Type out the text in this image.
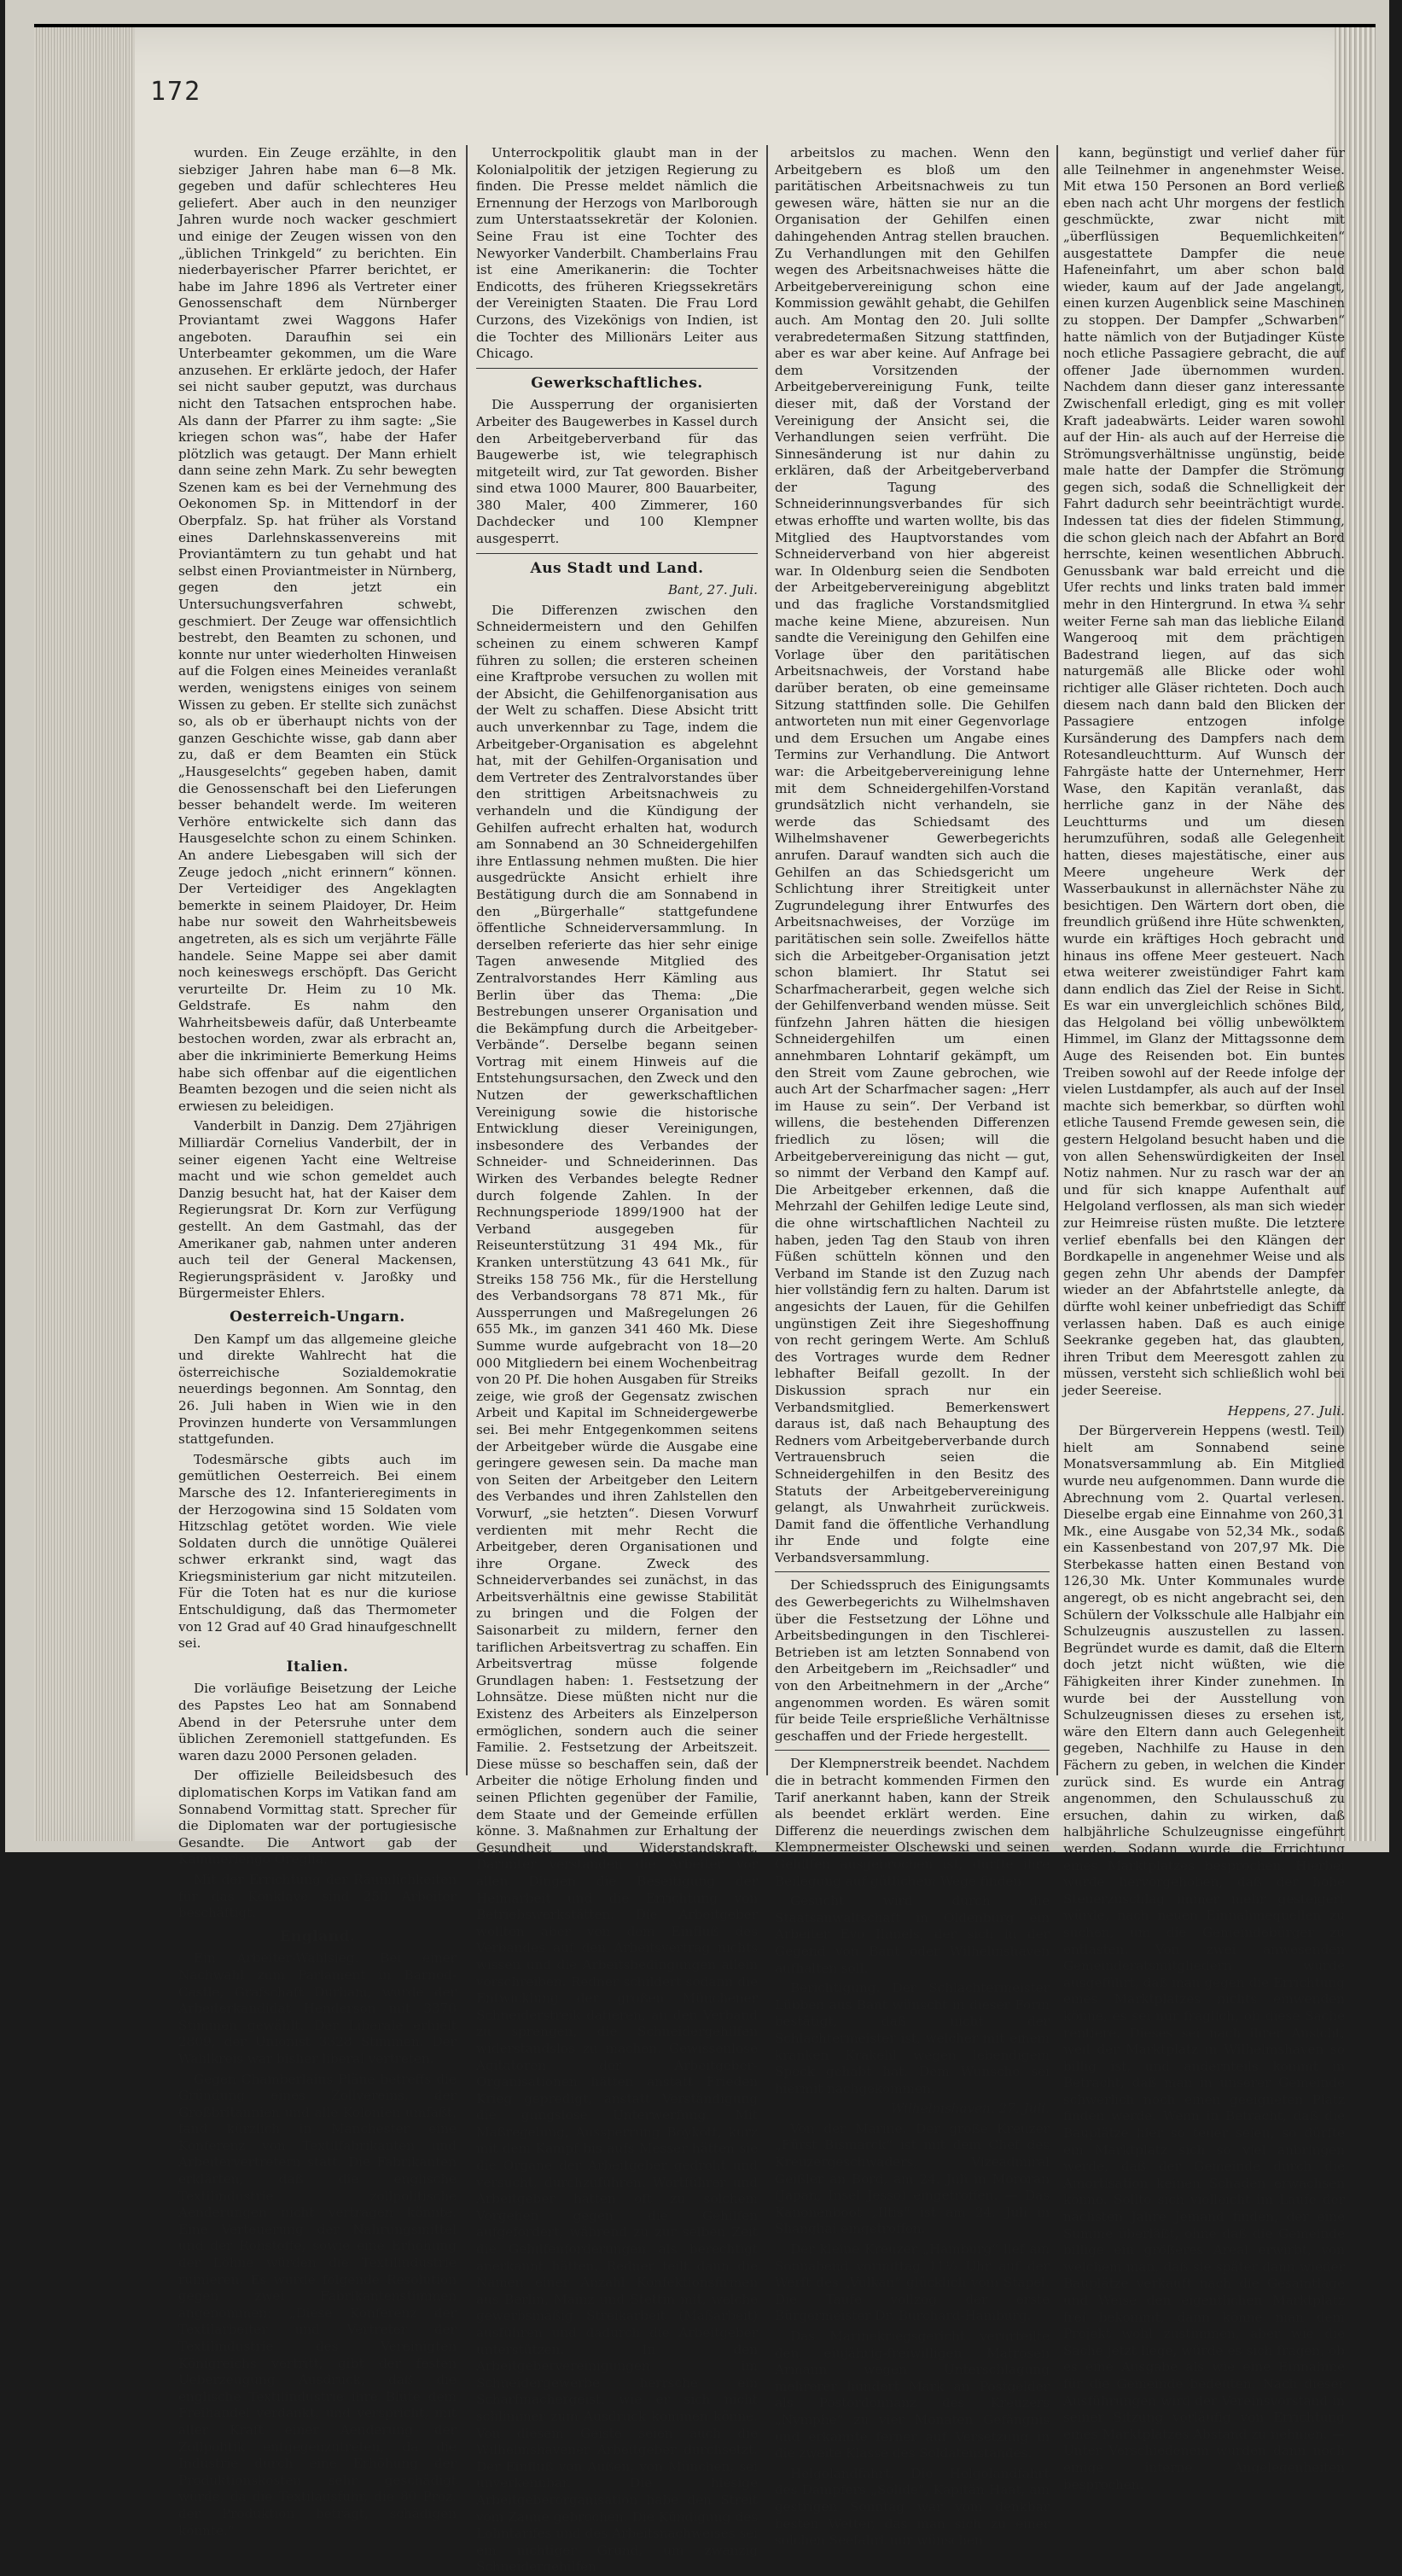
172

wurden. Ein Zeuge erzählte, in den siebziger Jahren habe man 6—8 Mk. gegeben und dafür schlechteres Heu geliefert. Aber auch in den neunziger Jahren wurde noch wacker geschmiert und einige der Zeugen wissen von den „üblichen Trinkgeld“ zu berichten. Ein niederbayerischer Pfarrer berichtet, er habe im Jahre 1896 als Vertreter einer Genossenschaft dem Nürnberger Proviantamt zwei Waggons Hafer angeboten. Daraufhin sei ein Unterbeamter gekommen, um die Ware anzusehen. Er erklärte jedoch, der Hafer sei nicht sauber geputzt, was durchaus nicht den Tatsachen entsprochen habe. Als dann der Pfarrer zu ihm sagte: „Sie kriegen schon was“, habe der Hafer plötzlich was getaugt. Der Mann erhielt dann seine zehn Mark. Zu sehr bewegten Szenen kam es bei der Vernehmung des Oekonomen Sp. in Mittendorf in der Oberpfalz. Sp. hat früher als Vorstand eines Darlehnskassenvereins mit Proviantämtern zu tun gehabt und hat selbst einen Proviantmeister in Nürnberg, gegen den jetzt ein Untersuchungsverfahren schwebt, geschmiert. Der Zeuge war offensichtlich bestrebt, den Beamten zu schonen, und konnte nur unter wiederholten Hinweisen auf die Folgen eines Meineides veranlaßt werden, wenigstens einiges von seinem Wissen zu geben. Er stellte sich zunächst so, als ob er überhaupt nichts von der ganzen Geschichte wisse, gab dann aber zu, daß er dem Beamten ein Stück „Hausgeselchts“ gegeben haben, damit die Genossenschaft bei den Lieferungen besser behandelt werde. Im weiteren Verhöre entwickelte sich dann das Hausgeselchte schon zu einem Schinken. An andere Liebesgaben will sich der Zeuge jedoch „nicht erinnern“ können. Der Verteidiger des Angeklagten bemerkte in seinem Plaidoyer, Dr. Heim habe nur soweit den Wahrheitsbeweis angetreten, als es sich um verjährte Fälle handele. Seine Mappe sei aber damit noch keineswegs erschöpft. Das Gericht verurteilte Dr. Heim zu 10 Mk. Geldstrafe. Es nahm den Wahrheitsbeweis dafür, daß Unterbeamte bestochen worden, zwar als erbracht an, aber die inkriminierte Bemerkung Heims habe sich offenbar auf die eigentlichen Beamten bezogen und die seien nicht als erwiesen zu beleidigen.

Vanderbilt in Danzig. Dem 27jährigen Milliardär Cornelius Vanderbilt, der in seiner eigenen Yacht eine Weltreise macht und wie schon gemeldet auch Danzig besucht hat, hat der Kaiser dem Regierungsrat Dr. Korn zur Verfügung gestellt. An dem Gastmahl, das der Amerikaner gab, nahmen unter anderen auch teil der General Mackensen, Regierungspräsident v. Jaroßky und Bürgermeister Ehlers.

Oesterreich-Ungarn.

Den Kampf um das allgemeine gleiche und direkte Wahlrecht hat die österreichische Sozialdemokratie neuerdings begonnen. Am Sonntag, den 26. Juli haben in Wien wie in den Provinzen hunderte von Versammlungen stattgefunden.

Todesmärsche gibts auch im gemütlichen Oesterreich. Bei einem Marsche des 12. Infanterieregiments in der Herzogowina sind 15 Soldaten vom Hitzschlag getötet worden. Wie viele Soldaten durch die unnötige Quälerei schwer erkrankt sind, wagt das Kriegsministerium gar nicht mitzuteilen. Für die Toten hat es nur die kuriose Entschuldigung, daß das Thermometer von 12 Grad auf 40 Grad hinaufgeschnellt sei.

Italien.

Die vorläufige Beisetzung der Leiche des Papstes Leo hat am Sonnabend Abend in der Petersruhe unter dem üblichen Zeremoniell stattgefunden. Es waren dazu 2000 Personen geladen.

Der offizielle Beileidsbesuch des diplomatischen Korps im Vatikan fand am Sonnabend Vormittag statt. Sprecher für die Diplomaten war der portugiesische Gesandte. Die Antwort gab der Kammerlengo Oreglia.

Mit der Errichtung der Räumlichkeiten für das Konklave sind 250 Arbeiter beschäftigt.

England.

Ein Arbeiter-Wahlsieg. Bei einer Nachwahl zum Parlament in Barnod-Castle, Grafschaft Durham, wurde der Arbeiterkandidat Henderson mit 3370 Stimmen gewählt. Der Liberale erhielt 2809, der Unionist 3328 Stimmen. Der Wahlkreis war bisher liberal vertreten.

Gegen Chamberlains Pläne betreffs die Gründung eines Zollvereins, der Großbritannien und alle Kolonien umfaßt, fand kürzlich in Manchester eine Konferenz von Textilfabrikanten und Arbeitervertretern statt. Die Fabrikanten erklärten, daß die englische Textilindustrie zollpolitische Aenderungen nicht vertragen könnte. Eine Verteuerung der Nahrungsmittel und der Rohstoffe, sowie eine Erhöhung der Löhne würden die Textilindustrie ruinieren. Es wurde folgende Resolution gegen zwei Fabrikantenstimmen angenommen: „Diese Konferenz der Textilarbeiter und Vertreter der Textilindustrie des Vereinigten Königreichs vertritt, gibt der festen Ueberzeugung Ausdruck, daß die englische Textilindustrie ihre Blüte dem Freihandel verdankt, und verspricht, mit aller Kraft einer Aenderung der Zollpolitik entgegenzutreten, da die Industrie durch eine Erhöhung der Produktionskosten sehr geschädigt würde, da die Textilausfuhr, die 80 Proz. der Produktion beträgt, schädigen könnte.“

Unterrockpolitik glaubt man in der Kolonialpolitik der jetzigen Regierung zu finden. Die Presse meldet nämlich die Ernennung der Herzogs von Marlborough zum Unterstaatssekretär der Kolonien. Seine Frau ist eine Tochter des Newyorker Vanderbilt. Chamberlains Frau ist eine Amerikanerin: die Tochter Endicotts, des früheren Kriegssekretärs der Vereinigten Staaten. Die Frau Lord Curzons, des Vizekönigs von Indien, ist die Tochter des Millionärs Leiter aus Chicago.

Gewerkschaftliches.

Die Aussperrung der organisierten Arbeiter des Baugewerbes in Kassel durch den Arbeitgeberverband für das Baugewerbe ist, wie telegraphisch mitgeteilt wird, zur Tat geworden. Bisher sind etwa 1000 Maurer, 800 Bauarbeiter, 380 Maler, 400 Zimmerer, 160 Dachdecker und 100 Klempner ausgesperrt.

Aus Stadt und Land.
Bant, 27. Juli.

Die Differenzen zwischen den Schneidermeistern und den Gehilfen scheinen zu einem schweren Kampf führen zu sollen; die ersteren scheinen eine Kraftprobe versuchen zu wollen mit der Absicht, die Gehilfenorganisation aus der Welt zu schaffen. Diese Absicht tritt auch unverkennbar zu Tage, indem die Arbeitgeber-Organisation es abgelehnt hat, mit der Gehilfen-Organisation und dem Vertreter des Zentralvorstandes über den strittigen Arbeitsnachweis zu verhandeln und die Kündigung der Gehilfen aufrecht erhalten hat, wodurch am Sonnabend an 30 Schneidergehilfen ihre Entlassung nehmen mußten. Die hier ausgedrückte Ansicht erhielt ihre Bestätigung durch die am Sonnabend in den „Bürgerhalle“ stattgefundene öffentliche Schneiderversammlung. In derselben referierte das hier sehr einige Tagen anwesende Mitglied des Zentralvorstandes Herr Kämling aus Berlin über das Thema: „Die Bestrebungen unserer Organisation und die Bekämpfung durch die Arbeitgeber-Verbände“. Derselbe begann seinen Vortrag mit einem Hinweis auf die Entstehungsursachen, den Zweck und den Nutzen der gewerkschaftlichen Vereinigung sowie die historische Entwicklung dieser Vereinigungen, insbesondere des Verbandes der Schneider- und Schneiderinnen. Das Wirken des Verbandes belegte Redner durch folgende Zahlen. In der Rechnungsperiode 1899/1900 hat der Verband ausgegeben für Reiseunterstützung 31 494 Mk., für Kranken unterstützung 43 641 Mk., für Streiks 158 756 Mk., für die Herstellung des Verbandsorgans 78 871 Mk., für Aussperrungen und Maßregelungen 26 655 Mk., im ganzen 341 460 Mk. Diese Summe wurde aufgebracht von 18—20 000 Mitgliedern bei einem Wochenbeitrag von 20 Pf. Die hohen Ausgaben für Streiks zeige, wie groß der Gegensatz zwischen Arbeit und Kapital im Schneidergewerbe sei. Bei mehr Entgegenkommen seitens der Arbeitgeber würde die Ausgabe eine geringere gewesen sein. Da mache man von Seiten der Arbeitgeber den Leitern des Verbandes und ihren Zahlstellen den Vorwurf, „sie hetzten“. Diesen Vorwurf verdienten mit mehr Recht die Arbeitgeber, deren Organisationen und ihre Organe. Zweck des Schneiderverbandes sei zunächst, in das Arbeitsverhältnis eine gewisse Stabilität zu bringen und die Folgen der Saisonarbeit zu mildern, ferner den tariflichen Arbeitsvertrag zu schaffen. Ein Arbeitsvertrag müsse folgende Grundlagen haben: 1. Festsetzung der Lohnsätze. Diese müßten nicht nur die Existenz des Arbeiters als Einzelperson ermöglichen, sondern auch die seiner Familie. 2. Festsetzung der Arbeitszeit. Diese müsse so beschaffen sein, daß der Arbeiter die nötige Erholung finden und seinen Pflichten gegenüber der Familie, dem Staate und der Gemeinde erfüllen könne. 3. Maßnahmen zur Erhaltung der Gesundheit und Widerstandskraft. Darunter verstanden die Arbeiter vor allen Dingen die Beseitigung der Heimarbeit und die Errichtung von Betriebswerkstätten. Die Arbeitgeber wollten aber von dem Einfluß des Verbandes auf den Arbeitsvertrag nichts wissen und die Arbeitsbedingungen allein vorschreiben. Redner schildert sodann die Entwicklung der großen Münchener Schneiderstreik datieren, an den Verband zu sprengen, die Schneidergehilfen widerstandslos zu machen. Gewissenlose Agitatoren der Arbeitgeber-Organisationen hätten anstatt Frieden Krieg gepredigt, anstatt Verständigung die gungslose Unterwerfung. Mit Maßregelung, Aussperrung Boykott, kurz mit dem Kampf bis aufs Messer hätten sie die Organe der Arbeitgeber gedroht und versucht, durchzuführen. Wortführer und Arbeitgeber hätten oft zu solchem Vorgehen gegen die Gehilfen aufgefordert, während zu zur selben Zeit die Gehilfenforderungen als berechtigt anerkannt hätten. Redner teilt dann die Namen einer Anzahl Konfektionsfirmen aus Berlin, Mainz und Stettin mit, welche gewerbsmäßig Streikarbeit (Maßarbeit) ausführen und dadurch die Arbeitgeber unterstützen. In den Arbeitgebervereinigungen im Schneidergewerbe herrsche ein Scharfmachergeist, wie er sich nicht schlimmer zum Ausdruck kommen könne. Von diesem Geiste seien auch die Wilhelmshavener Arbeitgeber durchsetzt. Der Einfluß von Außen, von München, sei unverkennbar. Die hiesige Arbeitgeberorganisation habe den Streit vom Zaune gebrochen. Die Kündigung des Lohntarifes und des Arbeitsnachweises sei ein nichtiger Grund, um zwanzig Schneidergehilfen

arbeitslos zu machen. Wenn den Arbeitgebern es bloß um den paritätischen Arbeitsnachweis zu tun gewesen wäre, hätten sie nur an die Organisation der Gehilfen einen dahingehenden Antrag stellen brauchen. Zu Verhandlungen mit den Gehilfen wegen des Arbeitsnachweises hätte die Arbeitgebervereinigung schon eine Kommission gewählt gehabt, die Gehilfen auch. Am Montag den 20. Juli sollte verabredetermaßen Sitzung stattfinden, aber es war aber keine. Auf Anfrage bei dem Vorsitzenden der Arbeitgebervereinigung Funk, teilte dieser mit, daß der Vorstand der Vereinigung der Ansicht sei, die Verhandlungen seien verfrüht. Die Sinnesänderung ist nur dahin zu erklären, daß der Arbeitgeberverband der Tagung des Schneiderinnungsverbandes für sich etwas erhoffte und warten wollte, bis das Mitglied des Hauptvorstandes vom Schneiderverband von hier abgereist war. In Oldenburg seien die Sendboten der Arbeitgebervereinigung abgeblitzt und das fragliche Vorstandsmitglied mache keine Miene, abzureisen. Nun sandte die Vereinigung den Gehilfen eine Vorlage über den paritätischen Arbeitsnachweis, der Vorstand habe darüber beraten, ob eine gemeinsame Sitzung stattfinden solle. Die Gehilfen antworteten nun mit einer Gegenvorlage und dem Ersuchen um Angabe eines Termins zur Verhandlung. Die Antwort war: die Arbeitgebervereinigung lehne mit dem Schneidergehilfen-Vorstand grundsätzlich nicht verhandeln, sie werde das Schiedsamt des Wilhelmshavener Gewerbegerichts anrufen. Darauf wandten sich auch die Gehilfen an das Schiedsgericht um Schlichtung ihrer Streitigkeit unter Zugrundelegung ihrer Entwurfes des Arbeitsnachweises, der Vorzüge im paritätischen sein solle. Zweifellos hätte sich die Arbeitgeber-Organisation jetzt schon blamiert. Ihr Statut sei Scharfmacherarbeit, gegen welche sich der Gehilfenverband wenden müsse. Seit fünfzehn Jahren hätten die hiesigen Schneidergehilfen um einen annehmbaren Lohntarif gekämpft, um den Streit vom Zaune gebrochen, wie auch Art der Scharfmacher sagen: „Herr im Hause zu sein“. Der Verband ist willens, die bestehenden Differenzen friedlich zu lösen; will die Arbeitgebervereinigung das nicht — gut, so nimmt der Verband den Kampf auf. Die Arbeitgeber erkennen, daß die Mehrzahl der Gehilfen ledige Leute sind, die ohne wirtschaftlichen Nachteil zu haben, jeden Tag den Staub von ihren Füßen schütteln können und den Verband im Stande ist den Zuzug nach hier vollständig fern zu halten. Darum ist angesichts der Lauen, für die Gehilfen ungünstigen Zeit ihre Siegeshoffnung von recht geringem Werte. Am Schluß des Vortrages wurde dem Redner lebhafter Beifall gezollt. In der Diskussion sprach nur ein Verbandsmitglied. Bemerkenswert daraus ist, daß nach Behauptung des Redners vom Arbeitgeberverbande durch Vertrauensbruch seien die Schneidergehilfen in den Besitz des Statuts der Arbeitgebervereinigung gelangt, als Unwahrheit zurückweis. Damit fand die öffentliche Verhandlung ihr Ende und folgte eine Verbandsversammlung.

Der Schiedsspruch des Einigungsamts des Gewerbegerichts zu Wilhelmshaven über die Festsetzung der Löhne und Arbeitsbedingungen in den Tischlerei-Betrieben ist am letzten Sonnabend von den Arbeitgebern im „Reichsadler“ und von den Arbeitnehmern in der „Arche“ angenommen worden. Es wären somit für beide Teile ersprießliche Verhältnisse geschaffen und der Friede hergestellt.

Der Klempnerstreik beendet. Nachdem die in betracht kommenden Firmen den Tarif anerkannt haben, kann der Streik als beendet erklärt werden. Eine Differenz die neuerdings zwischen dem Klempnermeister Olschewski und seinen Gehilfen ausgebrochen ist, dürfte ihre Beilegung auf gütlichem Wege finden.

Gesucht wird durch die Staatsanwaltschaft in Oldenburg ein Arbeiter Evo Ihmels, der sich in der Gegend von Bant oder Wilhelmshaven aufhalten soll.

Berichtigung. Der Schlachtermeister Lübben aus Bant wünscht in dieser Form bestätigt, daß nicht der Schlachtermeister ist, welcher mit einem kranken Krakehl wegen lebendigem Speck gehabt hat. Dem Wunsche sei hiermit nachgekommen.

Wilhelmshaven, 27. Juli.

Von der Marine. Der große Kreuzer „Fürst Bismarck“ ist mit dem Chef des Kreuzergeschwaders, Vizeadmiral Geißler an Bord, am 24. Juli in Mororan (Japan, Insel Jesso) eingetroffen. — Das Kanonenboot „Iltis“ ist am 24. Juli in Shanghai eingetroffen.

Der kleine Kreuzer „Hamburg“ lief am Sonnabend vormittag 11½ Uhr auf der Werft des „Vulkan“ glücklich vom Stapel. Die Taufe vollzog der erste Bürgermeister Dr. Burchard-Hamburg.

Das Marinekriegsgericht verurteilte den einjährig-freiwilligen Matrosen Armann wegen Unterschlagung mehrerer hundert Mark an Postgelder als Postordonnanz des Kreuzers „Nymphe“ zu vier Monaten Gefängnis und erkannte ferner auf Versetzung in die zweite Klasse des Soldatenstandes.

Helgolandfahrt. Die Helgolandfahrt des Dampfers „Solide“, Kapitän Haat, am gestrigen Sonntag war vom denkbar besten Wetter, das man sich zu einer solchen Seefahrt nur wünschen

kann, begünstigt und verlief daher für alle Teilnehmer in angenehmster Weise. Mit etwa 150 Personen an Bord verließ eben nach acht Uhr morgens der festlich geschmückte, zwar nicht mit „überflüssigen Bequemlichkeiten“ ausgestattete Dampfer die neue Hafeneinfahrt, um aber schon bald wieder, kaum auf der Jade angelangt, einen kurzen Augenblick seine Maschinen zu stoppen. Der Dampfer „Schwarben“ hatte nämlich von der Butjadinger Küste noch etliche Passagiere gebracht, die auf offener Jade übernommen wurden. Nachdem dann dieser ganz interessante Zwischenfall erledigt, ging es mit voller Kraft jadeabwärts. Leider waren sowohl auf der Hin- als auch auf der Herreise die Strömungsverhältnisse ungünstig, beide male hatte der Dampfer die Strömung gegen sich, sodaß die Schnelligkeit der Fahrt dadurch sehr beeinträchtigt wurde. Indessen tat dies der fidelen Stimmung, die schon gleich nach der Abfahrt an Bord herrschte, keinen wesentlichen Abbruch. Genussbank war bald erreicht und die Ufer rechts und links traten bald immer mehr in den Hintergrund. In etwa ¾ sehr weiter Ferne sah man das liebliche Eiland Wangerooq mit dem prächtigen Badestrand liegen, auf das sich naturgemäß alle Blicke oder wohl richtiger alle Gläser richteten. Doch auch diesem nach dann bald den Blicken der Passagiere entzogen infolge Kursänderung des Dampfers nach dem Rotesandleuchtturm. Auf Wunsch der Fahrgäste hatte der Unternehmer, Herr Wase, den Kapitän veranlaßt, das herrliche ganz in der Nähe des Leuchtturms und um diesen herumzuführen, sodaß alle Gelegenheit hatten, dieses majestätische, einer aus Meere ungeheure Werk der Wasserbaukunst in allernächster Nähe zu besichtigen. Den Wärtern dort oben, die freundlich grüßend ihre Hüte schwenkten, wurde ein kräftiges Hoch gebracht und hinaus ins offene Meer gesteuert. Nach etwa weiterer zweistündiger Fahrt kam dann endlich das Ziel der Reise in Sicht. Es war ein unvergleichlich schönes Bild, das Helgoland bei völlig unbewölktem Himmel, im Glanz der Mittagssonne dem Auge des Reisenden bot. Ein buntes Treiben sowohl auf der Reede infolge der vielen Lustdampfer, als auch auf der Insel machte sich bemerkbar, so dürften wohl etliche Tausend Fremde gewesen sein, die gestern Helgoland besucht haben und die von allen Sehenswürdigkeiten der Insel Notiz nahmen. Nur zu rasch war der an und für sich knappe Aufenthalt auf Helgoland verflossen, als man sich wieder zur Heimreise rüsten mußte. Die letztere verlief ebenfalls bei den Klängen der Bordkapelle in angenehmer Weise und als gegen zehn Uhr abends der Dampfer wieder an der Abfahrtstelle anlegte, da dürfte wohl keiner unbefriedigt das Schiff verlassen haben. Daß es auch einige Seekranke gegeben hat, das glaubten, ihren Tribut dem Meeresgott zahlen zu müssen, versteht sich schließlich wohl bei jeder Seereise.

Heppens, 27. Juli.

Der Bürgerverein Heppens (westl. Teil) hielt am Sonnabend seine Monatsversammlung ab. Ein Mitglied wurde neu aufgenommen. Dann wurde die Abrechnung vom 2. Quartal verlesen. Dieselbe ergab eine Einnahme von 260,31 Mk., eine Ausgabe von 52,34 Mk., sodaß ein Kassenbestand von 207,97 Mk. Die Sterbekasse hatten einen Bestand von 126,30 Mk. Unter Kommunales wurde angeregt, ob es nicht angebracht sei, den Schülern der Volksschule alle Halbjahr ein Schulzeugnis auszustellen zu lassen. Begründet wurde es damit, daß die Eltern doch jetzt nicht wüßten, wie die Fähigkeiten ihrer Kinder zunehmen. In wurde bei der Ausstellung von Schulzeugnissen dieses zu ersehen ist, wäre den Eltern dann auch Gelegenheit gegeben, Nachhilfe zu Hause in den Fächern zu geben, in welchen die Kinder zurück sind. Es wurde ein Antrag angenommen, den Schulausschuß zu ersuchen, dahin zu wirken, daß halbjährliche Schulzeugnisse eingeführt werden. Sodann wurde die Errichtung eines Marktplatzes besprochen. Hierbei wurde hervorgehoben, daß der hohe Steuerzuschlag immer mehr gesteigert würde, nach neuen Einnahmequellen zu suchen, um die Gemeindebürger zu entlasten. Von zwei anwesenden Gemeinderatsmitgliedern wurde ausgeführt, daß man gegen die Errichtung eines Marktplatzes nichts einwenden könne, es sei nur fraglich, ob diese Sache rentiere. Dieses sei nach ihrer Ansicht, weil der Marktplatz in Wilhelmshaven so billig ist, und andernteils kommt in Betracht, daß man in unserer Gemeinde schwerlich noch einen geeigneten Platz finden werde. Wenn in Betracht, daß die Bauplätze hier so teuer seien, so dürfte ein Marktplatz sich so viel anbringen werde, daß der Gemeinde durch die Amortisation keinen Schaden erwachsen könne. Sollte sich vielleicht im Laufe der nächsten Jahre Jemand finden, der eine Summe überläßt, ohne daß die Gemeinde billige ein größeres Areal erwirbt, von welchem man, daß sie später dann wieder Bauplätze verkauft nach die Gesamtlage und Weise den eigentlichen Marktplatz frei bekommt, dann könne man dem Projekt wohl zustimmen, aber wie die Sache jetzt liege, würde es sich fragen, ob es eine Ausgabe als wie eine Einnahme für die Gemeinde bedeuten. Nach dieser Ausführungen wird der Vereinsvorstand in seiner Sitzung vorläufig von Errichtung eines Marktplatzes Abstand zu nehmen. — Unter Verschiedenem wurden dann noch einige interne Angelegenheiten besprochen.
